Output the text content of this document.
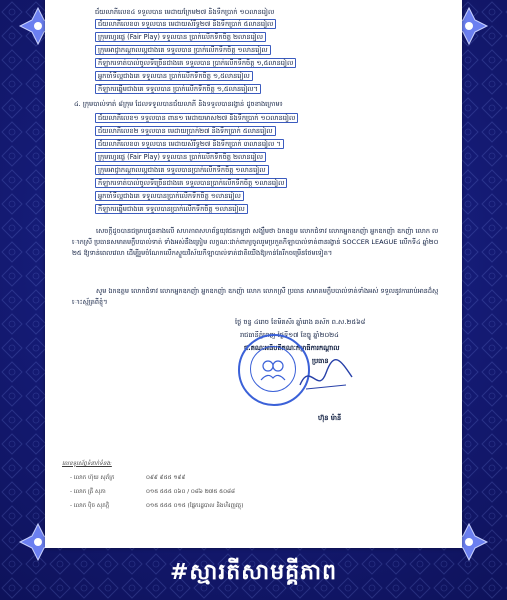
ជ័យលាភីលេខ៤ ទទួលបាន មេដាយក្រែម២៧ និងទឹកប្រាក់ ១០លានរៀល
ជ័យលាភីលេខ៣ ទទួលបាន មេដាយសំរឹទ្ធ២៧ និងទឹកប្រាក់ ៥លានរៀល
ក្រុមហ្វេរផ្លេ (Fair Play) ទទួលបាន ប្រាក់លើកទឹកចិត្ត ២លានរៀល
ក្រុមអាជ្ញាកណ្តាលល្អជាងគេ ទទួលបាន ប្រាក់លើកទឹកចិត្ត ១លានរៀល
កីឡាករទាត់បាល់ចូលទីច្រើនជាងគេ ទទួលបាន ប្រាក់លើកទឹកចិត្ត ១,៥លានរៀល
អ្នកចាំទីល្អជាងគេ ទទួលបាន ប្រាក់លើកទឹកចិត្ត ១,៥លានរៀល
កីឡាករឆ្នើមជាងគេ ទទួលបាន ប្រាក់លើកទឹកចិត្ត ១,៥លានរៀល។
៤. ក្រុមបាល់ទាត់ ៨ក្រុម ដែលទទួលបានជ័យលាភី និងទទួលបានរង្វាន់ ដូចខាងក្រោម៖
ជ័យលាភីលេខ១ ទទួលបាន ពាន១ មេដាយមាស២៧ និងទឹកប្រាក់ ១០លានរៀល
ជ័យលាភីលេខ២ ទទួលបាន មេដាយប្រាក់២៧ និងទឹកប្រាក់ ៥លានរៀល
ជ័យលាភីលេខ៣ ទទួលបាន មេដាយសំរឹទ្ធ២៧ និងទឹកប្រាក់ ៣លានរៀល ។
ក្រុមហ្វេរផ្លេ (Fair Play) ទទួលបាន ប្រាក់លើកទឹកចិត្ត ២លានរៀល
ក្រុមអាជ្ញាកណ្តាលល្អជាងគេ ទទួលបានប្រាក់លើកទឹកចិត្ត ១លានរៀល
កីឡាករទាត់បាល់ចូលទីច្រើនជាងគេ ទទួលបានប្រាក់លើកទឹកចិត្ត ១លានរៀល
អ្នកចាំទីល្អជាងគេ ទទួលបានប្រាក់លើកទឹកចិត្ត ១លានរៀល
កីឡាករឆ្នើមជាងគេ ទទួលបានប្រាក់លើកទឹកចិត្ត ១លានរៀល
សេចក្តីដូចបានជម្រាបជូនខាងលើ សហភាពសហព័ន្ធយុវជនកម្ពុជា សង្ឃឹមថា ឯកឧត្តម លោកជំទាវ លោកអ្នកឧកញ៉ា អ្នកឧកញ៉ា ឧកញ៉ា លោក លោកស្រី ប្រធានសមាគមក្លឹបបាល់ទាត់ ទាំងអស់នឹងត្រៀម លក្ខណៈដាក់ពាក្យចូលរួមប្រកួតកីឡាបាល់ទាត់ពានរង្វាន់ SOCCER LEAGUE លើកទី៤ ឆ្នាំ២០២៥ ឱ្យទាន់ពេលវេលា ដើម្បីរួមចំណែកលើកស្ទួយវិស័យកីឡាបាល់ទាត់ជាតិយើងឱ្យកាន់តែរីកចម្រើនថែមទៀត។
សូម ឯកឧត្តម លោកជំទាវ លោកអ្នកឧកញ៉ា អ្នកឧកញ៉ា ឧកញ៉ា លោក លោកស្រី ប្រធាន សមាគមក្លឹបបាល់ទាត់ទាំងអស់ ទទួលនូវការរាប់អានដ៏ស្មោះស្ម័គ្រពីខ្ញុំ។
ថ្ងៃ ចន្ទ ៤រោច ខែមិគសិរ ឆ្នាំរោង ឆស័ក ព.ស.២៥៦៨
រាជធានីភ្នំពេញ ថ្ងៃទី១៧ ខែធ្នូ ឆ្នាំ២០២៤
ជ.គណៈអធិបតីគណៈកម្មាធិការកណ្តាល
ប្រធាន
ហ៊ុន ម៉ានី
លេខទូរស័ព្ទទំនាក់ទំនង:
- លោក ហ៊ុយ សុភ័ក្រ	០៩៩ ៩៥៥ ១៩៩
- លោក គ្រី សុភា	០១៥ ៥៥៥ ០៦០ / ០៨៦ ២៧៥ ៥០៨៨
- លោក ប៉ិច សុភក្តិ	០១៥ ៥៥៥ ០១៥ (ផ្នែករដ្ឋបាល និងហិរញ្ញវត្ថុ)
#ស្មារតីសាមគ្គីភាព
